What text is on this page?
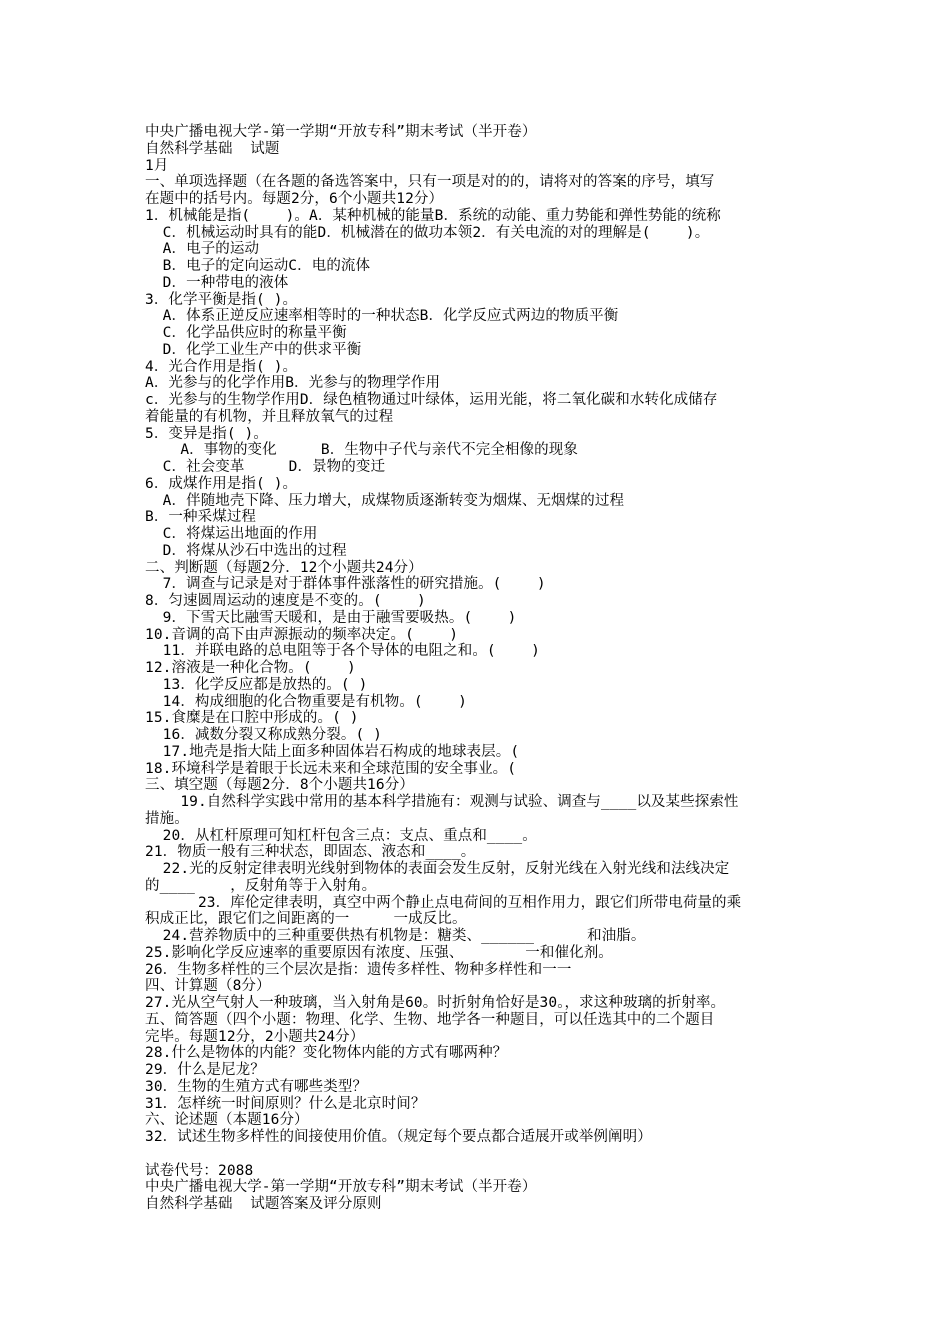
中央广播电视大学-第一学期“开放专科”期末考试（半开卷）
自然科学基础  试题
1月
一、单项选择题（在各题的备选答案中，只有一项是对的的，请将对的答案的序号，填写
在题中的括号内。每题2分，6个小题共12分）
1．机械能是指(    )。A．某种机械的能量B．系统的动能、重力势能和弹性势能的统称
C．机械运动时具有的能D．机械潜在的做功本领2．有关电流的对的理解是(    )。
A．电子的运动
B．电子的定向运动C．电的流体
D．一种带电的液体
3．化学平衡是指( )。
A．体系正逆反应速率相等时的一种状态B．化学反应式两边的物质平衡
C．化学品供应时的称量平衡
D．化学工业生产中的供求平衡
4．光合作用是指( )。
A．光参与的化学作用B．光参与的物理学作用
c．光参与的生物学作用D．绿色植物通过叶绿体，运用光能，将二氧化碳和水转化成储存
着能量的有机物，并且释放氧气的过程
5．变异是指( )。
A．事物的变化     B．生物中子代与亲代不完全相像的现象
C．社会变革     D．景物的变迁
6．成煤作用是指( )。
A．伴随地壳下降、压力增大，成煤物质逐渐转变为烟煤、无烟煤的过程
B．一种采煤过程
C．将煤运出地面的作用
D．将煤从沙石中选出的过程
二、判断题（每题2分．12个小题共24分）
7．调查与记录是对于群体事件涨落性的研究措施。(    )
8．匀速圆周运动的速度是不变的。(    )
9．下雪天比融雪天暖和，是由于融雪要吸热。(    )
10.音调的高下由声源振动的频率决定。(    )
11．并联电路的总电阻等于各个导体的电阻之和。(    )
12.溶液是一种化合物。(    )
13．化学反应都是放热的。( )
14．构成细胞的化合物重要是有机物。(    )
15.食糜是在口腔中形成的。( )
16．减数分裂又称成熟分裂。( )
17.地壳是指大陆上面多种固体岩石构成的地球表层。(
18.环境科学是着眼于长远未来和全球范围的安全事业。(
三、填空题（每题2分．8个小题共16分）
19.自然科学实践中常用的基本科学措施有：观测与试验、调查与____以及某些探索性
措施。
20．从杠杆原理可知杠杆包含三点：支点、重点和____。
21．物质一般有三种状态，即固态、液态和____。
22.光的反射定律表明光线射到物体的表面会发生反射，反射光线在入射光线和法线决定
的____    ，反射角等于入射角。
23．库伦定律表明，真空中两个静止点电荷间的互相作用力，跟它们所带电荷量的乘
积成正比，跟它们之间距离的一     一成反比。
24.营养物质中的三种重要供热有机物是：糖类、______      和油脂。
25.影响化学反应速率的重要原因有浓度、压强、       一和催化剂。
26．生物多样性的三个层次是指：遗传多样性、物种多样性和一一
四、计算题（8分）
27.光从空气射人一种玻璃，当入射角是60。时折射角恰好是30。，求这种玻璃的折射率。
五、简答题（四个小题：物理、化学、生物、地学各一种题目，可以任选其中的二个题目
完毕。每题12分，2小题共24分）
28.什么是物体的内能？变化物体内能的方式有哪两种？
29．什么是尼龙？
30．生物的生殖方式有哪些类型？
31．怎样统一时间原则？什么是北京时间？
六、论述题（本题16分）
32．试述生物多样性的间接使用价值。（规定每个要点都合适展开或举例阐明）
试卷代号：2088
中央广播电视大学-第一学期“开放专科”期末考试（半开卷）
自然科学基础  试题答案及评分原则
